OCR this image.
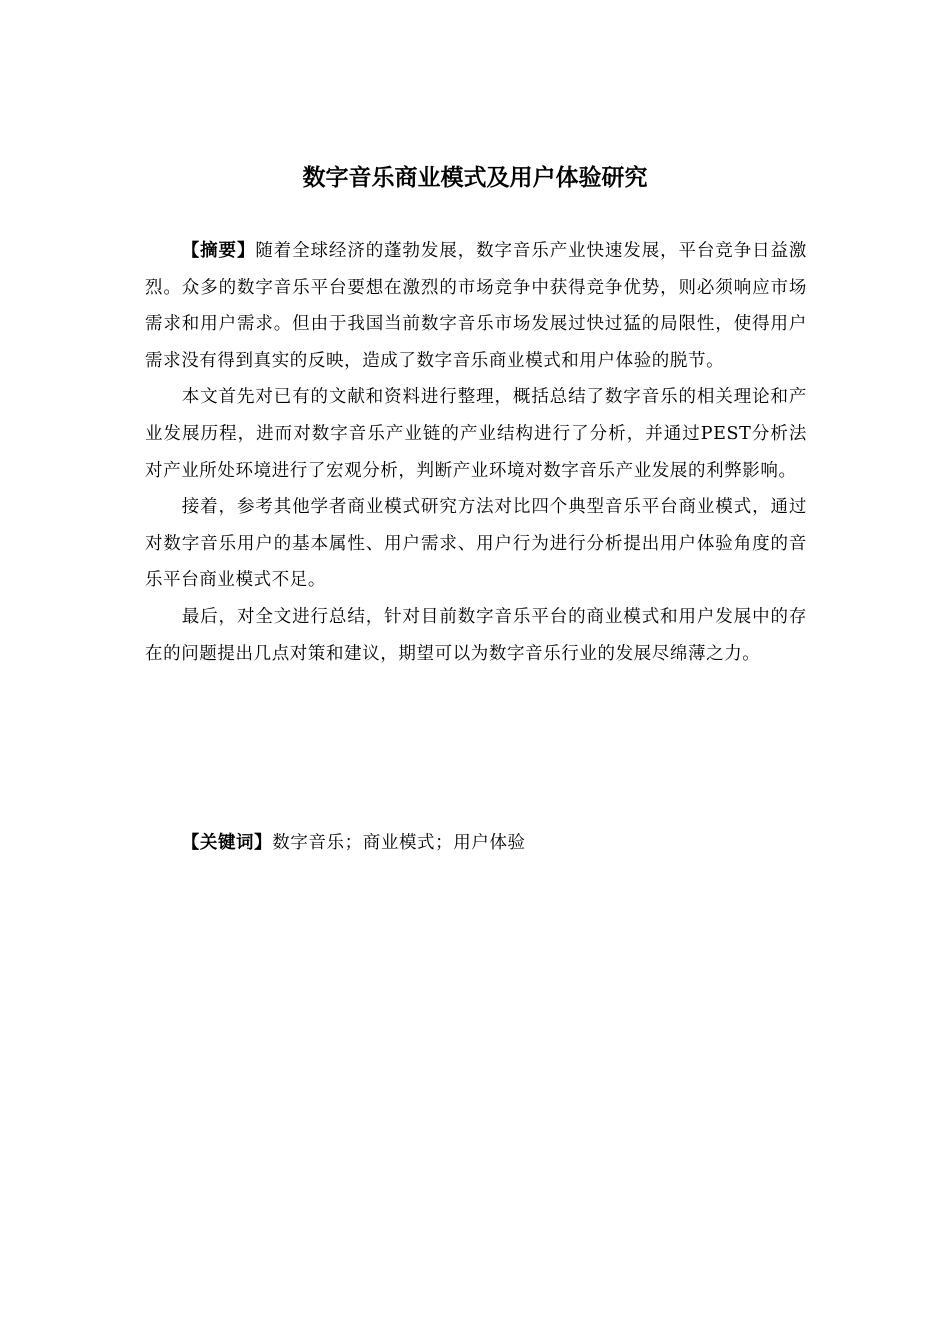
数字音乐商业模式及用户体验研究

【摘要】随着全球经济的蓬勃发展，数字音乐产业快速发展，平台竞争日益激烈。众多的数字音乐平台要想在激烈的市场竞争中获得竞争优势，则必须响应市场需求和用户需求。但由于我国当前数字音乐市场发展过快过猛的局限性，使得用户需求没有得到真实的反映，造成了数字音乐商业模式和用户体验的脱节。

本文首先对已有的文献和资料进行整理，概括总结了数字音乐的相关理论和产业发展历程，进而对数字音乐产业链的产业结构进行了分析，并通过PEST分析法对产业所处环境进行了宏观分析，判断产业环境对数字音乐产业发展的利弊影响。

接着，参考其他学者商业模式研究方法对比四个典型音乐平台商业模式，通过对数字音乐用户的基本属性、用户需求、用户行为进行分析提出用户体验角度的音乐平台商业模式不足。

最后，对全文进行总结，针对目前数字音乐平台的商业模式和用户发展中的存在的问题提出几点对策和建议，期望可以为数字音乐行业的发展尽绵薄之力。

【关键词】数字音乐；商业模式；用户体验
